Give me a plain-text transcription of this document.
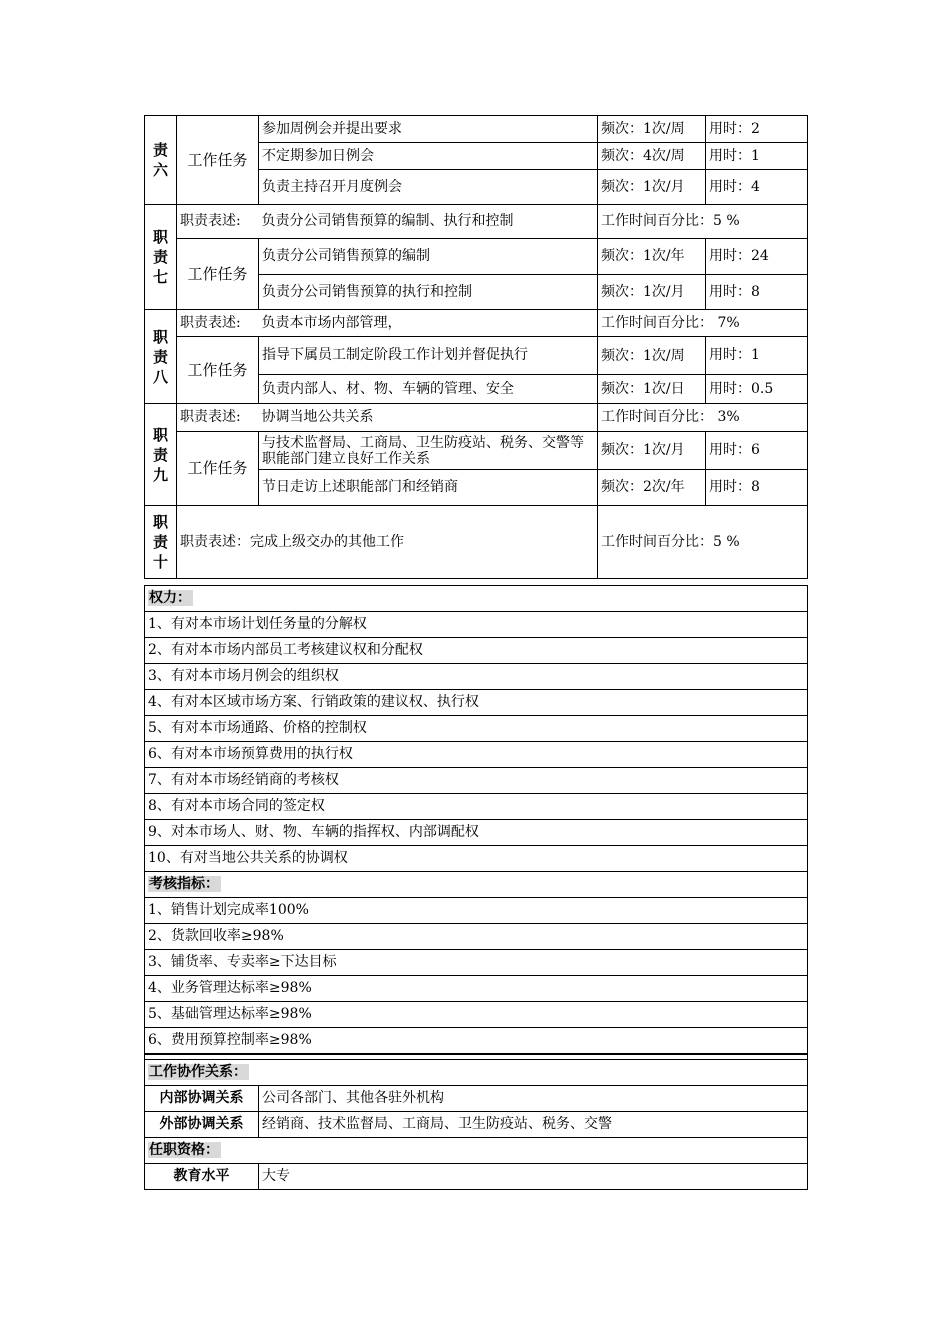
责六	工作任务	参加周例会并提出要求	频次：1次/周	用时：2
		不定期参加日例会	频次：4次/周	用时：1
		负责主持召开月度例会	频次：1次/月	用时：4
职责七	职责表述:	负责分公司销售预算的编制、执行和控制	工作时间百分比：5 %	
	工作任务	负责分公司销售预算的编制	频次：1次/年	用时：24
		负责分公司销售预算的执行和控制	频次：1次/月	用时：8
职责八	职责表述:	负责本市场内部管理，	工作时间百分比： 7%	
	工作任务	指导下属员工制定阶段工作计划并督促执行	频次：1次/周	用时：1
		负责内部人、材、物、车辆的管理、安全	频次：1次/日	用时：0.5
职责九	职责表述:	协调当地公共关系	工作时间百分比： 3%	
	工作任务	与技术监督局、工商局、卫生防疫站、税务、交警等职能部门建立良好工作关系	频次：1次/月	用时：6
		节日走访上述职能部门和经销商	频次：2次/年	用时：8
职责十	职责表述：完成上级交办的其他工作		工作时间百分比：5 %	
权力：	
1、有对本市场计划任务量的分解权	
2、有对本市场内部员工考核建议权和分配权	
3、有对本市场月例会的组织权	
4、有对本区域市场方案、行销政策的建议权、执行权	
5、有对本市场通路、价格的控制权	
6、有对本市场预算费用的执行权	
7、有对本市场经销商的考核权	
8、有对本市场合同的签定权	
9、对本市场人、财、物、车辆的指挥权、内部调配权	
10、有对当地公共关系的协调权	
考核指标：	
1、销售计划完成率100%	
2、货款回收率≥98%	
3、铺货率、专卖率≥下达目标	
4、业务管理达标率≥98%	
5、基础管理达标率≥98%	
6、费用预算控制率≥98%	

工作协作关系：	
内部协调关系	公司各部门、其他各驻外机构
外部协调关系	经销商、技术监督局、工商局、卫生防疫站、税务、交警
任职资格：	
教育水平	大专
